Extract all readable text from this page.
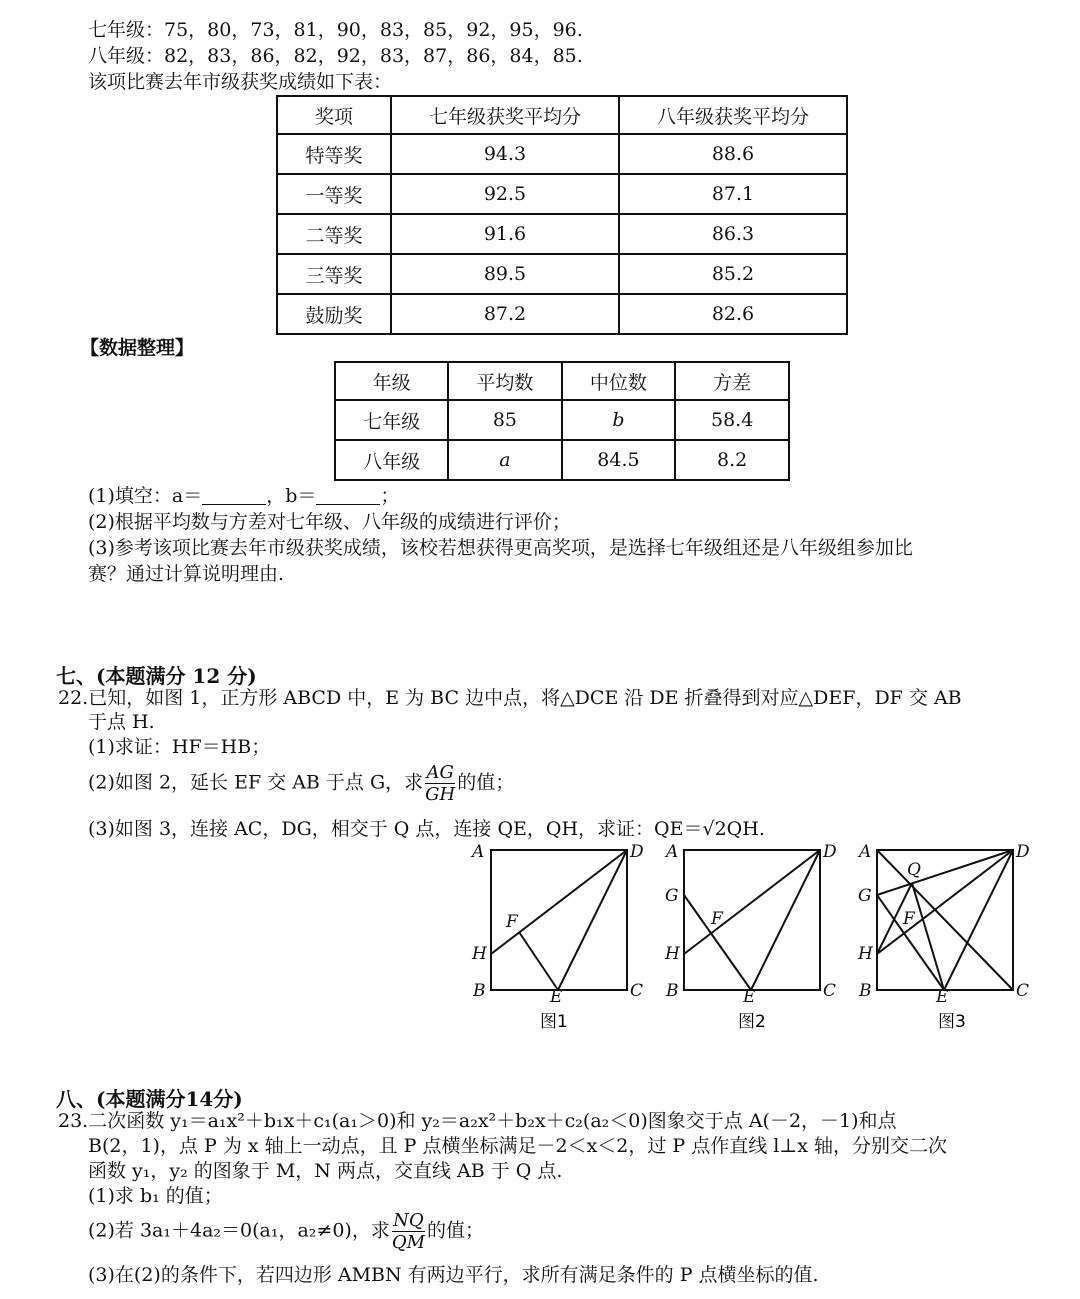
七年级：75，80，73，81，90，83，85，92，95，96.
八年级：82，83，86，82，92，83，87，86，84，85.
该项比赛去年市级获奖成绩如下表：
奖项	七年级获奖平均分	八年级获奖平均分
特等奖	94.3	88.6
一等奖	92.5	87.1
二等奖	91.6	86.3
三等奖	89.5	85.2
鼓励奖	87.2	82.6
【数据整理】
年级	平均数	中位数	方差
七年级	85	b	58.4
八年级	a	84.5	8.2
(1)填空：a＝	，b＝	；
(2)根据平均数与方差对七年级、八年级的成绩进行评价；
(3)参考该项比赛去年市级获奖成绩，该校若想获得更高奖项，是选择七年级组还是八年级组参加比
赛？通过计算说明理由.
七、(本题满分 12 分)
22.已知，如图 1，正方形 ABCD 中，E 为 BC 边中点，将△DCE 沿 DE 折叠得到对应△DEF，DF 交 AB
于点 H.
(1)求证：HF＝HB；
(2)如图 2，延长 EF 交 AB 于点 G，求 $\frac{AG}{GH}$ 的值；
(3)如图 3，连接 AC，DG，相交于 Q 点，连接 QE，QH，求证：QE＝√2QH.
A	D
F
H
B	E	C
图1
A	D
G
F
H
B	E	C
图2
A	D
Q
G
F
H
B	E	C
图3
八、(本题满分14分)
23.二次函数 y₁＝a₁x²＋b₁x＋c₁(a₁＞0)和 y₂＝a₂x²＋b₂x＋c₂(a₂＜0)图象交于点 A(－2，－1)和点
B(2，1)，点 P 为 x 轴上一动点，且 P 点横坐标满足－2＜x＜2，过 P 点作直线 l⊥x 轴，分别交二次
函数 y₁，y₂ 的图象于 M，N 两点，交直线 AB 于 Q 点.
(1)求 b₁ 的值；
(2)若 3a₁＋4a₂＝0(a₁，a₂≠0)，求 $\frac{NQ}{QM}$ 的值；
(3)在(2)的条件下，若四边形 AMBN 有两边平行，求所有满足条件的 P 点横坐标的值.
